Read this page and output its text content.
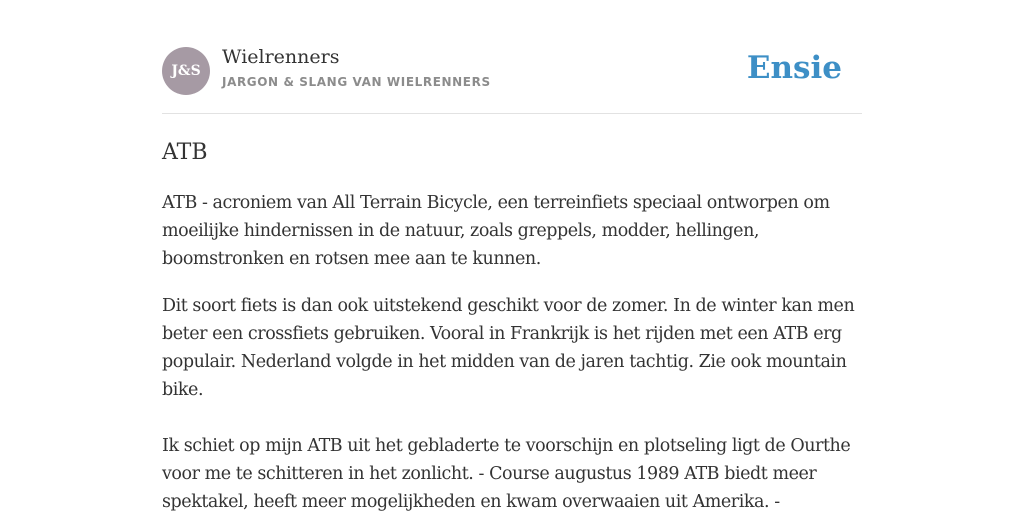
J&S
Wielrenners
JARGON & SLANG VAN WIELRENNERS	Ensie
ATB

ATB - acroniem van All Terrain Bicycle, een terreinfiets speciaal ontworpen om moeilijke hindernissen in de natuur, zoals greppels, modder, hellingen, boomstronken en rotsen mee aan te kunnen.

Dit soort fiets is dan ook uitstekend geschikt voor de zomer. In de winter kan men beter een crossfiets gebruiken. Vooral in Frankrijk is het rijden met een ATB erg populair. Nederland volgde in het midden van de jaren tachtig. Zie ook mountain bike.

Ik schiet op mijn ATB uit het gebladerte te voorschijn en plotseling ligt de Ourthe voor me te schitteren in het zonlicht. - Course augustus 1989 ATB biedt meer spektakel, heeft meer mogelijkheden en kwam overwaaien uit Amerika. -
